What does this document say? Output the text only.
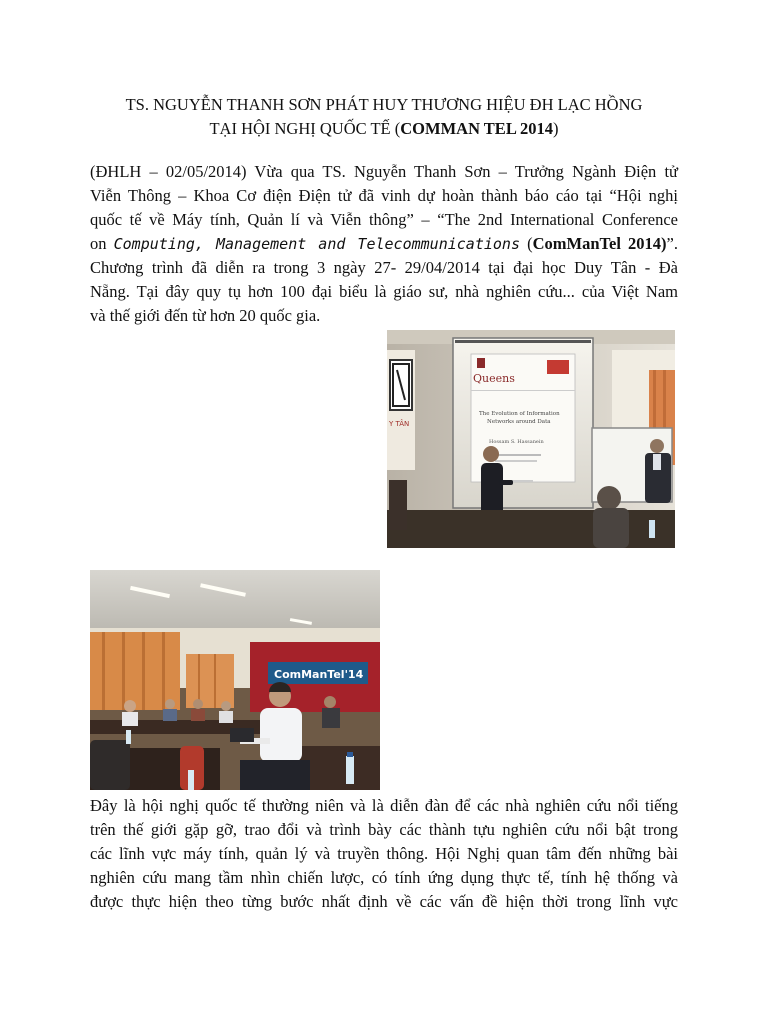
TS. NGUYỄN THANH SƠN PHÁT HUY THƯƠNG HIỆU ĐH LẠC HỒNG
TẠI HỘI NGHỊ QUỐC TẾ (COMMAN TEL 2014)
(ĐHLH – 02/05/2014) Vừa qua TS. Nguyễn Thanh Sơn – Trưởng Ngành Điện tử
Viễn Thông – Khoa Cơ điện Điện tử đã vinh dự hoàn thành báo cáo tại “Hội nghị
quốc tế về Máy tính, Quản lí và Viễn thông” – “The 2nd International Conference
on Computing, Management and Telecommunications (ComManTel 2014)”.
Chương trình đã diễn ra trong 3 ngày 27- 29/04/2014 tại đại học Duy Tân - Đà
Nẵng. Tại đây quy tụ hơn 100 đại biểu là giáo sư, nhà nghiên cứu... của Việt Nam
và thế giới đến từ hơn 20 quốc gia.
Y TÂN
Queens
The Evolution of Information
Networks around Data
Hossam S. Hassanein
ComManTel'14
Đây là hội nghị quốc tế thường niên và là diễn đàn để các nhà nghiên cứu nổi tiếng
trên thế giới gặp gỡ, trao đổi và trình bày các thành tựu nghiên cứu nổi bật trong
các lĩnh vực máy tính, quản lý và truyền thông. Hội Nghị quan tâm đến những bài
nghiên cứu mang tầm nhìn chiến lược, có tính ứng dụng thực tế, tính hệ thống và
được thực hiện theo từng bước nhất định về các vấn đề hiện thời trong lĩnh vực
